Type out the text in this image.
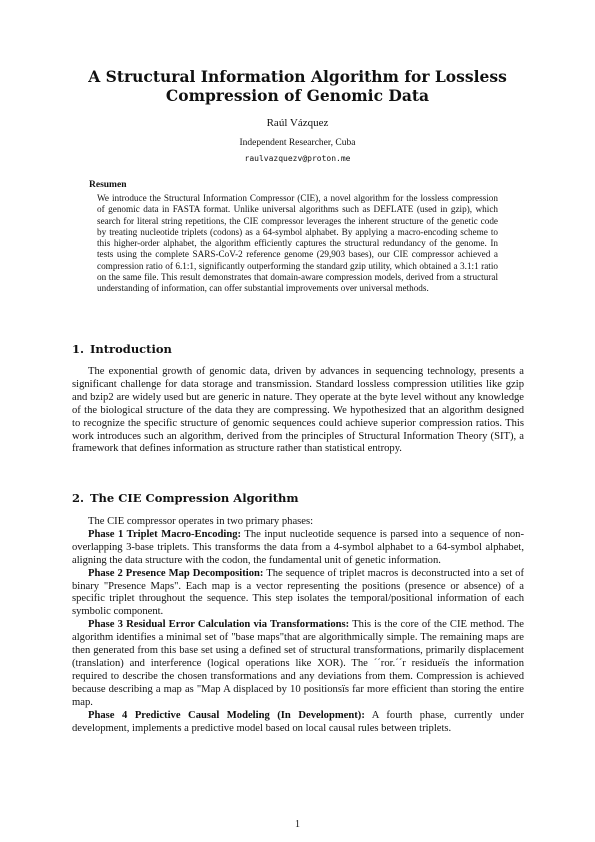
A Structural Information Algorithm for Lossless Compression of Genomic Data
Raúl Vázquez
Independent Researcher, Cuba
raulvazquezv@proton.me
Resumen
We introduce the Structural Information Compressor (CIE), a novel algorithm for the lossless compression of genomic data in FASTA format. Unlike universal algorithms such as DEFLATE (used in gzip), which search for literal string repetitions, the CIE compressor leverages the inherent structure of the genetic code by treating nucleotide triplets (codons) as a 64-symbol alphabet. By applying a macro-encoding scheme to this higher-order alphabet, the algorithm efficiently captures the structural redundancy of the genome. In tests using the complete SARS-CoV-2 reference genome (29,903 bases), our CIE compressor achieved a compression ratio of 6.1:1, significantly outperforming the standard gzip utility, which obtained a 3.1:1 ratio on the same file. This result demonstrates that domain-aware compression models, derived from a structural understanding of information, can offer substantial improvements over universal methods.
1. Introduction

The exponential growth of genomic data, driven by advances in sequencing technology, presents a significant challenge for data storage and transmission. Standard lossless compression utilities like gzip and bzip2 are widely used but are generic in nature. They operate at the byte level without any knowledge of the biological structure of the data they are compressing. We hypothesized that an algorithm designed to recognize the specific structure of genomic sequences could achieve superior compression ratios. This work introduces such an algorithm, derived from the principles of Structural Information Theory (SIT), a framework that defines information as structure rather than statistical entropy.

2. The CIE Compression Algorithm

The CIE compressor operates in two primary phases:

Phase 1 Triplet Macro-Encoding: The input nucleotide sequence is parsed into a sequence of non-overlapping 3-base triplets. This transforms the data from a 4-symbol alphabet to a 64-symbol alphabet, aligning the data structure with the codon, the fundamental unit of genetic information.

Phase 2 Presence Map Decomposition: The sequence of triplet macros is deconstructed into a set of binary "Presence Maps". Each map is a vector representing the positions (presence or absence) of a specific triplet throughout the sequence. This step isolates the temporal/positional information of each symbolic component.

Phase 3 Residual Error Calculation via Transformations: This is the core of the CIE method. The algorithm identifies a minimal set of "base maps"that are algorithmically simple. The remaining maps are then generated from this base set using a defined set of structural transformations, primarily displacement (translation) and interference (logical operations like XOR). The ´´ror.´´r residueïs the information required to describe the chosen transformations and any deviations from them. Compression is achieved because describing a map as "Map A displaced by 10 positionsïs far more efficient than storing the entire map.

Phase 4 Predictive Causal Modeling (In Development): A fourth phase, currently under development, implements a predictive model based on local causal rules between triplets.

1
